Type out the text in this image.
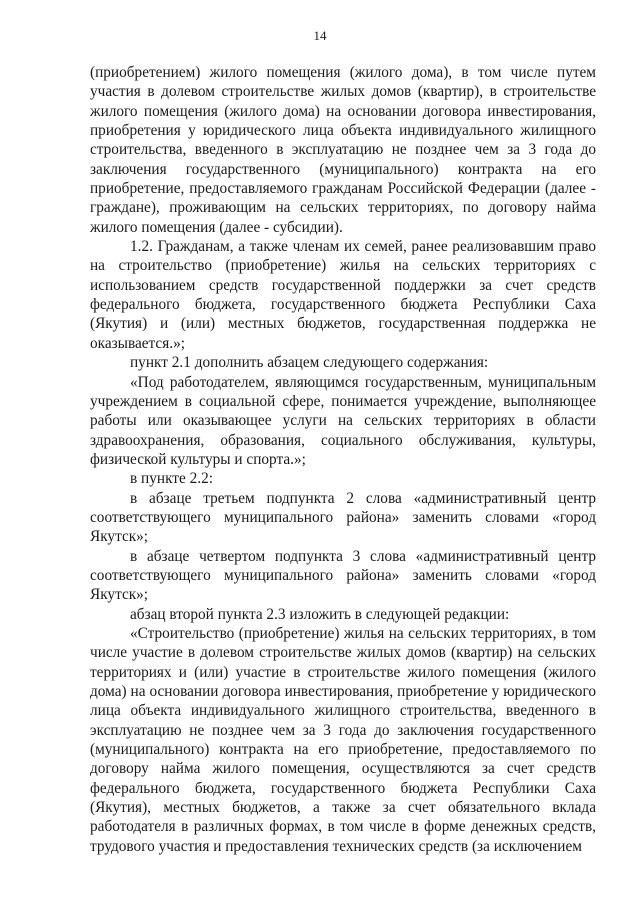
14

(приобретением) жилого помещения (жилого дома), в том числе путем участия в долевом строительстве жилых домов (квартир), в строительстве жилого помещения (жилого дома) на основании договора инвестирования, приобретения у юридического лица объекта индивидуального жилищного строительства, введенного в эксплуатацию не позднее чем за 3 года до заключения государственного (муниципального) контракта на его приобретение, предоставляемого гражданам Российской Федерации (далее - граждане), проживающим на сельских территориях, по договору найма жилого помещения (далее - субсидии).

1.2. Гражданам, а также членам их семей, ранее реализовавшим право на строительство (приобретение) жилья на сельских территориях с использованием средств государственной поддержки за счет средств федерального бюджета, государственного бюджета Республики Саха (Якутия) и (или) местных бюджетов, государственная поддержка не оказывается.»;

пункт 2.1 дополнить абзацем следующего содержания:

«Под работодателем, являющимся государственным, муниципальным учреждением в социальной сфере, понимается учреждение, выполняющее работы или оказывающее услуги на сельских территориях в области здравоохранения, образования, социального обслуживания, культуры, физической культуры и спорта.»;

в пункте 2.2:

в абзаце третьем подпункта 2 слова «административный центр соответствующего муниципального района» заменить словами «город Якутск»;

в абзаце четвертом подпункта 3 слова «административный центр соответствующего муниципального района» заменить словами «город Якутск»;

абзац второй пункта 2.3 изложить в следующей редакции:

«Строительство (приобретение) жилья на сельских территориях, в том числе участие в долевом строительстве жилых домов (квартир) на сельских территориях и (или) участие в строительстве жилого помещения (жилого дома) на основании договора инвестирования, приобретение у юридического лица объекта индивидуального жилищного строительства, введенного в эксплуатацию не позднее чем за 3 года до заключения государственного (муниципального) контракта на его приобретение, предоставляемого по договору найма жилого помещения, осуществляются за счет средств федерального бюджета, государственного бюджета Республики Саха (Якутия), местных бюджетов, а также за счет обязательного вклада работодателя в различных формах, в том числе в форме денежных средств, трудового участия и предоставления технических средств (за исключением
